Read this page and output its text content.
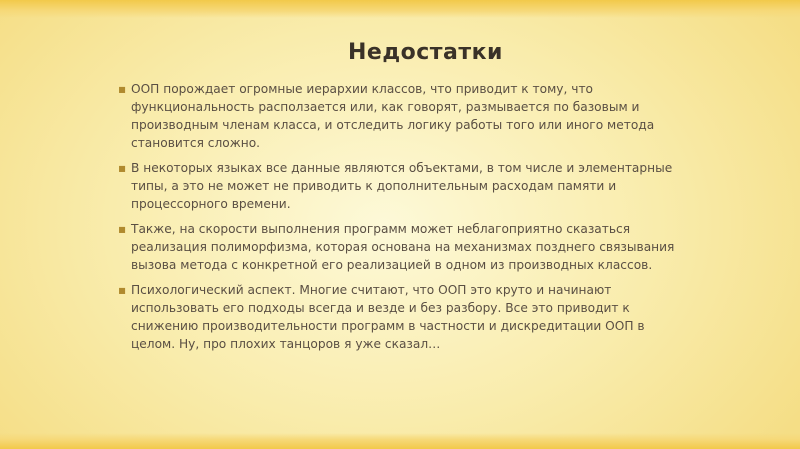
Недостатки
▪ ООП порождает огромные иерархии классов, что приводит к тому, что функциональность расползается или, как говорят, размывается по базовым и производным членам класса, и отследить логику работы того или иного метода становится сложно.
▪ В некоторых языках все данные являются объектами, в том числе и элементарные типы, а это не может не приводить к дополнительным расходам памяти и процессорного времени.
▪ Также, на скорости выполнения программ может неблагоприятно сказаться реализация полиморфизма, которая основана на механизмах позднего связывания вызова метода с конкретной его реализацией в одном из производных классов.
▪ Психологический аспект. Многие считают, что ООП это круто и начинают использовать его подходы всегда и везде и без разбору. Все это приводит к снижению производительности программ в частности и дискредитации ООП в целом. Ну, про плохих танцоров я уже сказал…
